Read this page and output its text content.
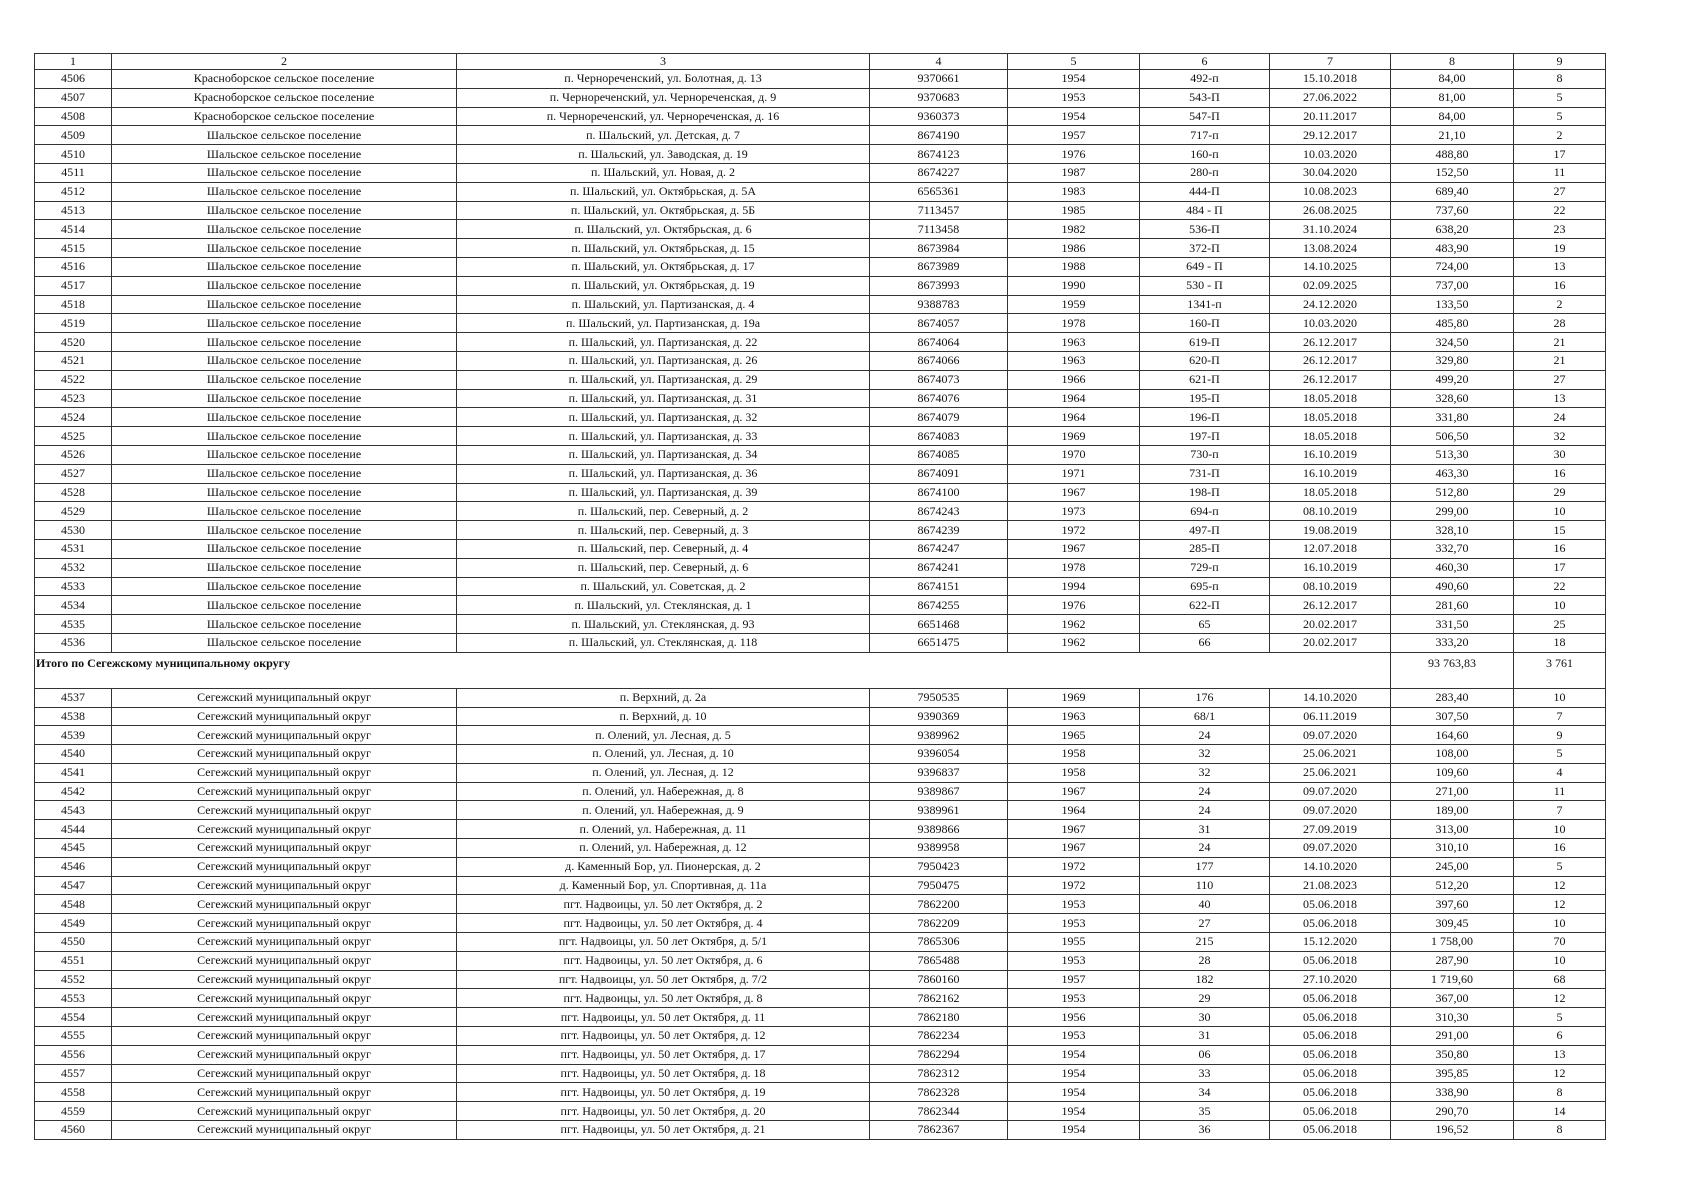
1	2	3	4	5	6	7	8	9
4506	Красноборское сельское поселение	п. Чернореченский, ул. Болотная, д. 13	9370661	1954	492-п	15.10.2018	84,00	8
4507	Красноборское сельское поселение	п. Чернореченский, ул. Чернореченская, д. 9	9370683	1953	543-П	27.06.2022	81,00	5
4508	Красноборское сельское поселение	п. Чернореченский, ул. Чернореченская, д. 16	9360373	1954	547-П	20.11.2017	84,00	5
4509	Шальское сельское поселение	п. Шальский, ул. Детская, д. 7	8674190	1957	717-п	29.12.2017	21,10	2
4510	Шальское сельское поселение	п. Шальский, ул. Заводская, д. 19	8674123	1976	160-п	10.03.2020	488,80	17
4511	Шальское сельское поселение	п. Шальский, ул. Новая, д. 2	8674227	1987	280-п	30.04.2020	152,50	11
4512	Шальское сельское поселение	п. Шальский, ул. Октябрьская, д. 5А	6565361	1983	444-П	10.08.2023	689,40	27
4513	Шальское сельское поселение	п. Шальский, ул. Октябрьская, д. 5Б	7113457	1985	484 - П	26.08.2025	737,60	22
4514	Шальское сельское поселение	п. Шальский, ул. Октябрьская, д. 6	7113458	1982	536-П	31.10.2024	638,20	23
4515	Шальское сельское поселение	п. Шальский, ул. Октябрьская, д. 15	8673984	1986	372-П	13.08.2024	483,90	19
4516	Шальское сельское поселение	п. Шальский, ул. Октябрьская, д. 17	8673989	1988	649 - П	14.10.2025	724,00	13
4517	Шальское сельское поселение	п. Шальский, ул. Октябрьская, д. 19	8673993	1990	530 - П	02.09.2025	737,00	16
4518	Шальское сельское поселение	п. Шальский, ул. Партизанская, д. 4	9388783	1959	1341-п	24.12.2020	133,50	2
4519	Шальское сельское поселение	п. Шальский, ул. Партизанская, д. 19а	8674057	1978	160-П	10.03.2020	485,80	28
4520	Шальское сельское поселение	п. Шальский, ул. Партизанская, д. 22	8674064	1963	619-П	26.12.2017	324,50	21
4521	Шальское сельское поселение	п. Шальский, ул. Партизанская, д. 26	8674066	1963	620-П	26.12.2017	329,80	21
4522	Шальское сельское поселение	п. Шальский, ул. Партизанская, д. 29	8674073	1966	621-П	26.12.2017	499,20	27
4523	Шальское сельское поселение	п. Шальский, ул. Партизанская, д. 31	8674076	1964	195-П	18.05.2018	328,60	13
4524	Шальское сельское поселение	п. Шальский, ул. Партизанская, д. 32	8674079	1964	196-П	18.05.2018	331,80	24
4525	Шальское сельское поселение	п. Шальский, ул. Партизанская, д. 33	8674083	1969	197-П	18.05.2018	506,50	32
4526	Шальское сельское поселение	п. Шальский, ул. Партизанская, д. 34	8674085	1970	730-п	16.10.2019	513,30	30
4527	Шальское сельское поселение	п. Шальский, ул. Партизанская, д. 36	8674091	1971	731-П	16.10.2019	463,30	16
4528	Шальское сельское поселение	п. Шальский, ул. Партизанская, д. 39	8674100	1967	198-П	18.05.2018	512,80	29
4529	Шальское сельское поселение	п. Шальский, пер. Северный, д. 2	8674243	1973	694-п	08.10.2019	299,00	10
4530	Шальское сельское поселение	п. Шальский, пер. Северный, д. 3	8674239	1972	497-П	19.08.2019	328,10	15
4531	Шальское сельское поселение	п. Шальский, пер. Северный, д. 4	8674247	1967	285-П	12.07.2018	332,70	16
4532	Шальское сельское поселение	п. Шальский, пер. Северный, д. 6	8674241	1978	729-п	16.10.2019	460,30	17
4533	Шальское сельское поселение	п. Шальский, ул. Советская, д. 2	8674151	1994	695-п	08.10.2019	490,60	22
4534	Шальское сельское поселение	п. Шальский, ул. Стеклянская, д. 1	8674255	1976	622-П	26.12.2017	281,60	10
4535	Шальское сельское поселение	п. Шальский, ул. Стеклянская, д. 93	6651468	1962	65	20.02.2017	331,50	25
4536	Шальское сельское поселение	п. Шальский, ул. Стеклянская, д. 118	6651475	1962	66	20.02.2017	333,20	18
Итого по Сегежскому муниципальному округу							93 763,83	3 761
4537	Сегежский муниципальный округ	п. Верхний, д. 2а	7950535	1969	176	14.10.2020	283,40	10
4538	Сегежский муниципальный округ	п. Верхний, д. 10	9390369	1963	68/1	06.11.2019	307,50	7
4539	Сегежский муниципальный округ	п. Олений, ул. Лесная, д. 5	9389962	1965	24	09.07.2020	164,60	9
4540	Сегежский муниципальный округ	п. Олений, ул. Лесная, д. 10	9396054	1958	32	25.06.2021	108,00	5
4541	Сегежский муниципальный округ	п. Олений, ул. Лесная, д. 12	9396837	1958	32	25.06.2021	109,60	4
4542	Сегежский муниципальный округ	п. Олений, ул. Набережная, д. 8	9389867	1967	24	09.07.2020	271,00	11
4543	Сегежский муниципальный округ	п. Олений, ул. Набережная, д. 9	9389961	1964	24	09.07.2020	189,00	7
4544	Сегежский муниципальный округ	п. Олений, ул. Набережная, д. 11	9389866	1967	31	27.09.2019	313,00	10
4545	Сегежский муниципальный округ	п. Олений, ул. Набережная, д. 12	9389958	1967	24	09.07.2020	310,10	16
4546	Сегежский муниципальный округ	д. Каменный Бор, ул. Пионерская, д. 2	7950423	1972	177	14.10.2020	245,00	5
4547	Сегежский муниципальный округ	д. Каменный Бор, ул. Спортивная, д. 11а	7950475	1972	110	21.08.2023	512,20	12
4548	Сегежский муниципальный округ	пгт. Надвоицы, ул. 50 лет Октября, д. 2	7862200	1953	40	05.06.2018	397,60	12
4549	Сегежский муниципальный округ	пгт. Надвоицы, ул. 50 лет Октября, д. 4	7862209	1953	27	05.06.2018	309,45	10
4550	Сегежский муниципальный округ	пгт. Надвоицы, ул. 50 лет Октября, д. 5/1	7865306	1955	215	15.12.2020	1 758,00	70
4551	Сегежский муниципальный округ	пгт. Надвоицы, ул. 50 лет Октября, д. 6	7865488	1953	28	05.06.2018	287,90	10
4552	Сегежский муниципальный округ	пгт. Надвоицы, ул. 50 лет Октября, д. 7/2	7860160	1957	182	27.10.2020	1 719,60	68
4553	Сегежский муниципальный округ	пгт. Надвоицы, ул. 50 лет Октября, д. 8	7862162	1953	29	05.06.2018	367,00	12
4554	Сегежский муниципальный округ	пгт. Надвоицы, ул. 50 лет Октября, д. 11	7862180	1956	30	05.06.2018	310,30	5
4555	Сегежский муниципальный округ	пгт. Надвоицы, ул. 50 лет Октября, д. 12	7862234	1953	31	05.06.2018	291,00	6
4556	Сегежский муниципальный округ	пгт. Надвоицы, ул. 50 лет Октября, д. 17	7862294	1954	06	05.06.2018	350,80	13
4557	Сегежский муниципальный округ	пгт. Надвоицы, ул. 50 лет Октября, д. 18	7862312	1954	33	05.06.2018	395,85	12
4558	Сегежский муниципальный округ	пгт. Надвоицы, ул. 50 лет Октября, д. 19	7862328	1954	34	05.06.2018	338,90	8
4559	Сегежский муниципальный округ	пгт. Надвоицы, ул. 50 лет Октября, д. 20	7862344	1954	35	05.06.2018	290,70	14
4560	Сегежский муниципальный округ	пгт. Надвоицы, ул. 50 лет Октября, д. 21	7862367	1954	36	05.06.2018	196,52	8
